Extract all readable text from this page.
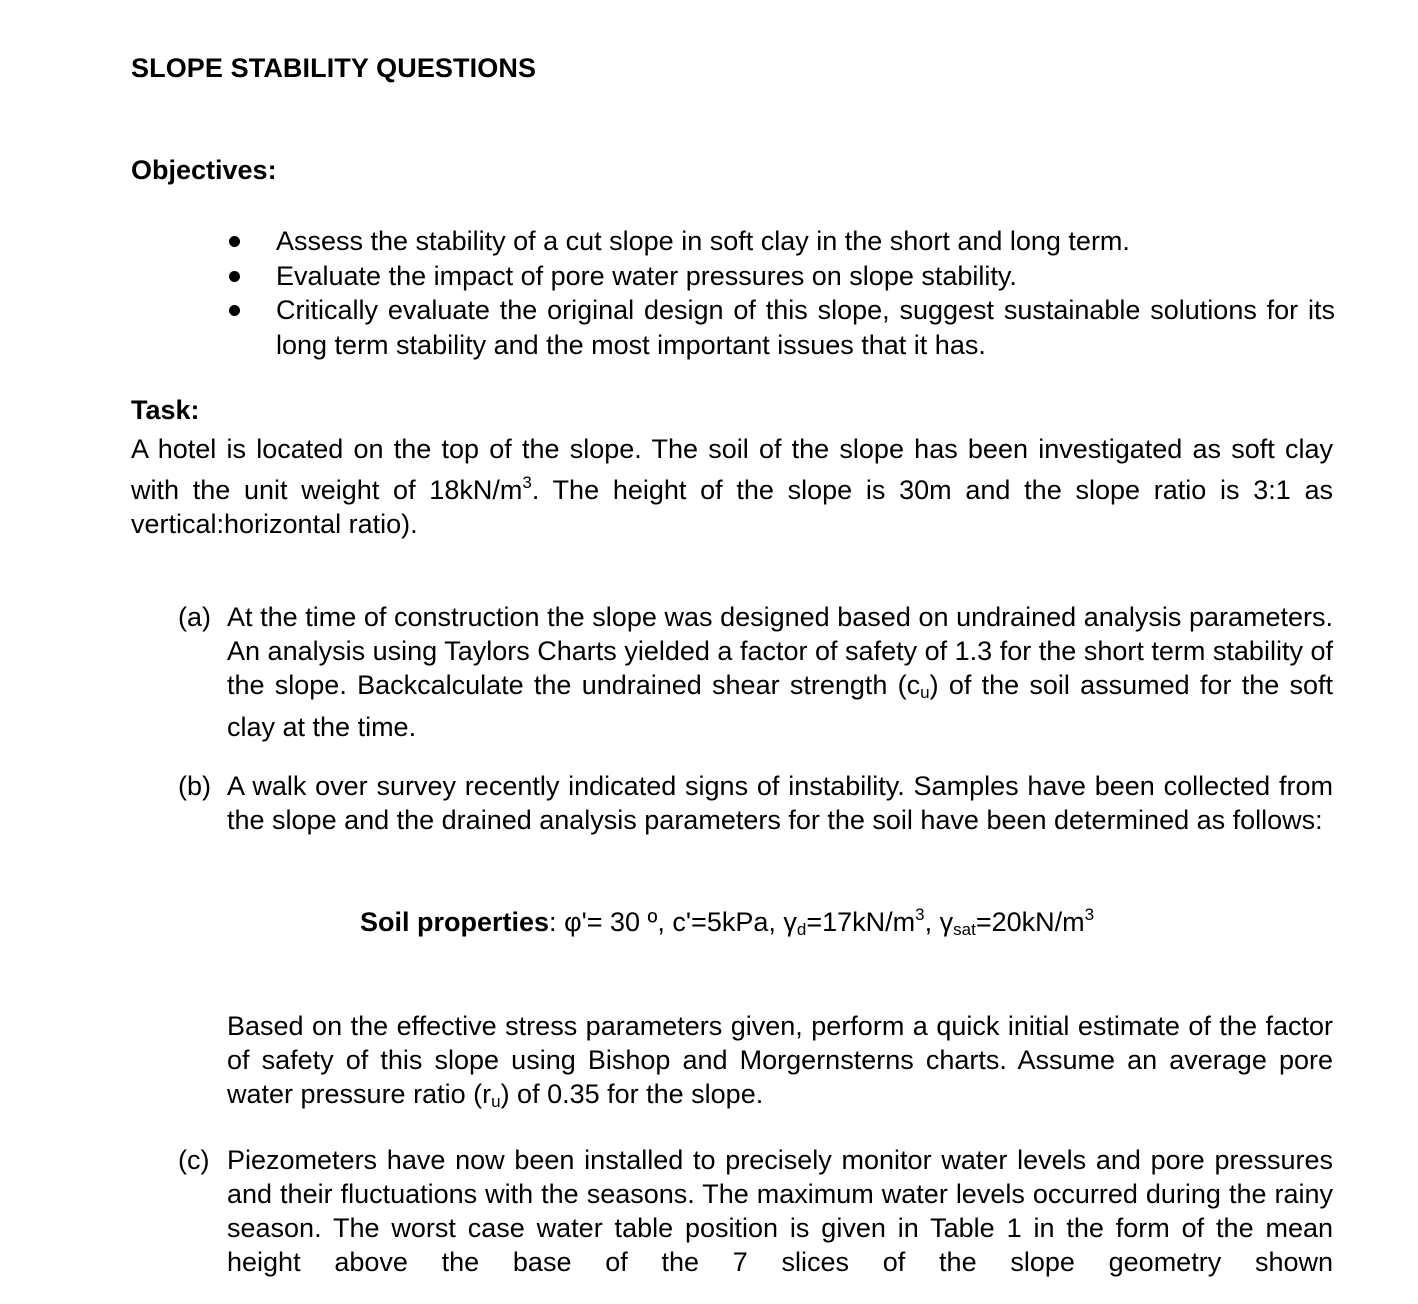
SLOPE STABILITY QUESTIONS
Objectives:
Assess the stability of a cut slope in soft clay in the short and long term.
Evaluate the impact of pore water pressures on slope stability.
Critically evaluate the original design of this slope, suggest sustainable solutions for its long term stability and the most important issues that it has.
Task:
A hotel is located on the top of the slope. The soil of the slope has been investigated as soft clay with the unit weight of $18kN/m^3$. The height of the slope is 30m and the slope ratio is 3:1 as vertical:horizontal ratio).
(a) At the time of construction the slope was designed based on undrained analysis parameters. An analysis using Taylors Charts yielded a factor of safety of 1.3 for the short term stability of the slope. Backcalculate the undrained shear strength $(c_u)$ of the soil assumed for the soft clay at the time.
(b) A walk over survey recently indicated signs of instability. Samples have been collected from the slope and the drained analysis parameters for the soil have been determined as follows:
Soil properties: φ'= 30 º, c'=5kPa, $\gamma_d=17kN/m^3$, $\gamma_{sat}=20kN/m^3$
Based on the effective stress parameters given, perform a quick initial estimate of the factor of safety of this slope using Bishop and Morgernsterns charts. Assume an average pore water pressure ratio $(r_u)$ of 0.35 for the slope.
(c) Piezometers have now been installed to precisely monitor water levels and pore pressures and their fluctuations with the seasons. The maximum water levels occurred during the rainy season. The worst case water table position is given in Table 1 in the form of the mean height above the base of the 7 slices of the slope geometry shown
